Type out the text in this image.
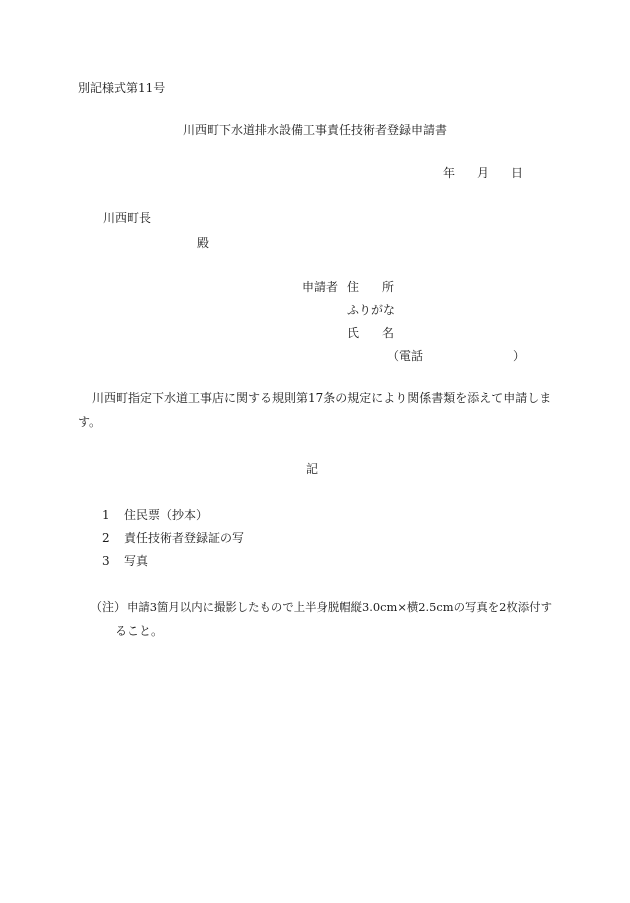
別記様式第11号
川西町下水道排水設備工事責任技術者登録申請書
年 月 日
川西町長
殿
申請者 住 所
ふりがな
氏 名
（電話	）
川西町指定下水道工事店に関する規則第17条の規定により関係書類を添えて申請しま
す。
記
1 住民票（抄本）
2 責任技術者登録証の写
3 写真
（注） 申請3箇月以内に撮影したもので上半身脱帽縦3.0cm×横2.5cmの写真を2枚添付す
ること。
